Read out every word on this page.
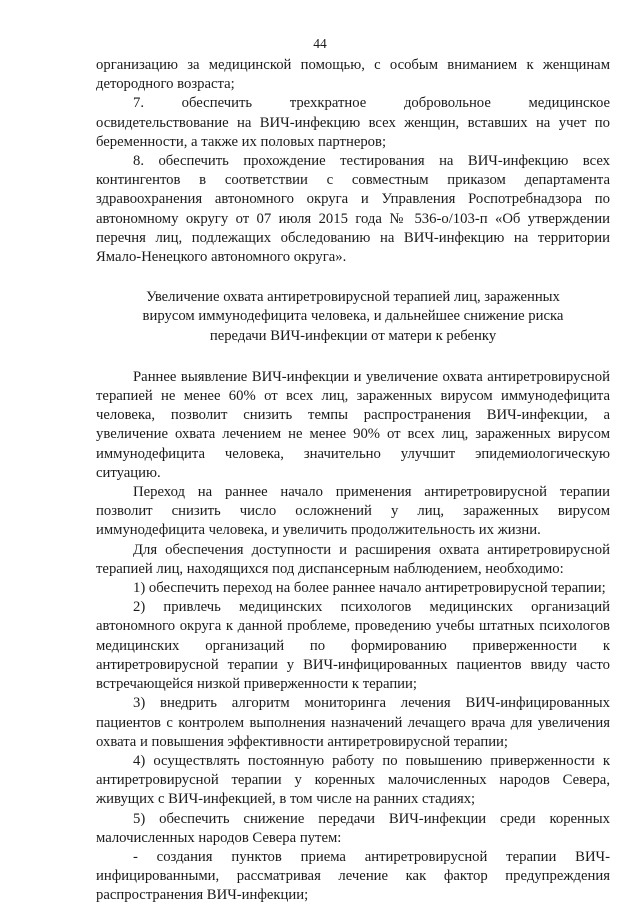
44

организацию за медицинской помощью, с особым вниманием к женщинам детородного возраста;

7. обеспечить трехкратное добровольное медицинское освидетельствование на ВИЧ-инфекцию всех женщин, вставших на учет по беременности, а также их половых партнеров;

8. обеспечить прохождение тестирования на ВИЧ-инфекцию всех контингентов в соответствии с совместным приказом департамента здравоохранения автономного округа и Управления Роспотребнадзора по автономному округу от 07 июля 2015 года № 536-о/103-п «Об утверждении перечня лиц, подлежащих обследованию на ВИЧ-инфекцию на территории Ямало-Ненецкого автономного округа».

Увеличение охвата антиретровирусной терапией лиц, зараженных
вирусом иммунодефицита человека, и дальнейшее снижение риска
передачи ВИЧ-инфекции от матери к ребенку

Раннее выявление ВИЧ-инфекции и увеличение охвата антиретровирусной терапией не менее 60% от всех лиц, зараженных вирусом иммунодефицита человека, позволит снизить темпы распространения ВИЧ-инфекции, а увеличение охвата лечением не менее 90% от всех лиц, зараженных вирусом иммунодефицита человека, значительно улучшит эпидемиологическую ситуацию.

Переход на раннее начало применения антиретровирусной терапии позволит снизить число осложнений у лиц, зараженных вирусом иммунодефицита человека, и увеличить продолжительность их жизни.

Для обеспечения доступности и расширения охвата антиретровирусной терапией лиц, находящихся под диспансерным наблюдением, необходимо:

1) обеспечить переход на более раннее начало антиретровирусной терапии;

2) привлечь медицинских психологов медицинских организаций автономного округа к данной проблеме, проведению учебы штатных психологов медицинских организаций по формированию приверженности к антиретровирусной терапии у ВИЧ-инфицированных пациентов ввиду часто встречающейся низкой приверженности к терапии;

3) внедрить алгоритм мониторинга лечения ВИЧ-инфицированных пациентов с контролем выполнения назначений лечащего врача для увеличения охвата и повышения эффективности антиретровирусной терапии;

4) осуществлять постоянную работу по повышению приверженности к антиретровирусной терапии у коренных малочисленных народов Севера, живущих с ВИЧ-инфекцией, в том числе на ранних стадиях;

5) обеспечить снижение передачи ВИЧ-инфекции среди коренных малочисленных народов Севера путем:

- создания пунктов приема антиретровирусной терапии ВИЧ-инфицированными, рассматривая лечение как фактор предупреждения распространения ВИЧ-инфекции;
